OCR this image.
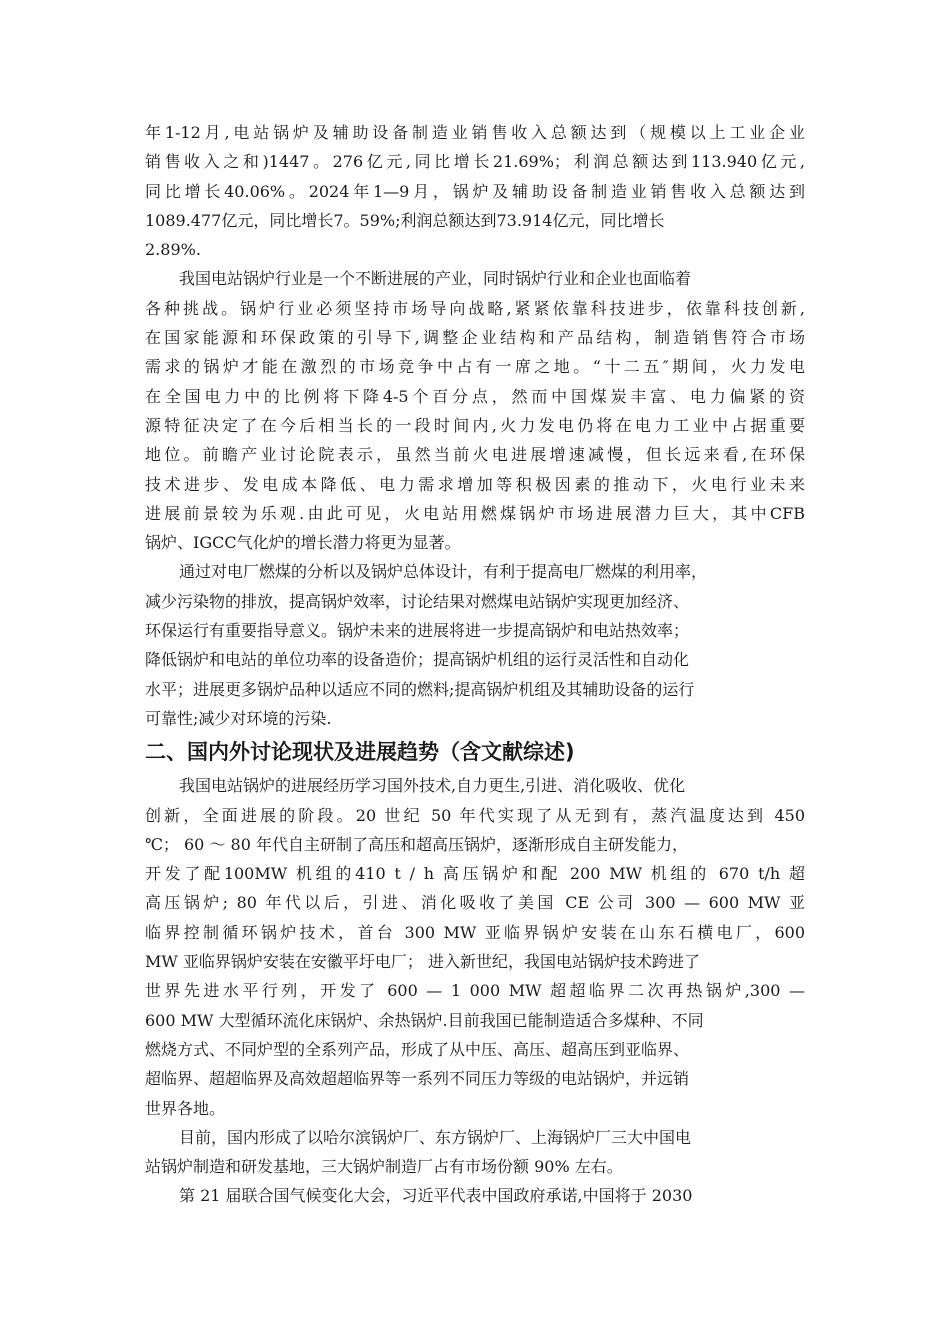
年1-12月,电站锅炉及辅助设备制造业销售收入总额达到（规模以上工业企业
销售收入之和)1447。276亿元,同比增长21.69%；利润总额达到113.940亿元,
同比增长40.06%。2024年1—9月，锅炉及辅助设备制造业销售收入总额达到
1089.477亿元，同比增长7。59%;利润总额达到73.914亿元，同比增长
2.89%.
我国电站锅炉行业是一个不断进展的产业，同时锅炉行业和企业也面临着
各种挑战。锅炉行业必须坚持市场导向战略,紧紧依靠科技进步，依靠科技创新,
在国家能源和环保政策的引导下,调整企业结构和产品结构，制造销售符合市场
需求的锅炉才能在激烈的市场竞争中占有一席之地。“十二五″期间，火力发电
在全国电力中的比例将下降4-5个百分点，然而中国煤炭丰富、电力偏紧的资
源特征决定了在今后相当长的一段时间内,火力发电仍将在电力工业中占据重要
地位。前瞻产业讨论院表示，虽然当前火电进展增速减慢，但长远来看,在环保
技术进步、发电成本降低、电力需求增加等积极因素的推动下，火电行业未来
进展前景较为乐观.由此可见，火电站用燃煤锅炉市场进展潜力巨大，其中CFB
锅炉、IGCC气化炉的增长潜力将更为显著。
通过对电厂燃煤的分析以及锅炉总体设计，有利于提高电厂燃煤的利用率，
减少污染物的排放，提高锅炉效率，讨论结果对燃煤电站锅炉实现更加经济、
环保运行有重要指导意义。锅炉未来的进展将进一步提高锅炉和电站热效率；
降低锅炉和电站的单位功率的设备造价；提高锅炉机组的运行灵活性和自动化
水平；进展更多锅炉品种以适应不同的燃料;提高锅炉机组及其辅助设备的运行
可靠性;减少对环境的污染.
二、国内外讨论现状及进展趋势（含文献综述)
我国电站锅炉的进展经历学习国外技术,自力更生,引进、消化吸收、优化
创新，全面进展的阶段。20 世纪 50 年代实现了从无到有，蒸汽温度达到 450
℃； 60 ～ 80 年代自主研制了高压和超高压锅炉，逐渐形成自主研发能力，
开发了配100MW 机组的410 t / h 高压锅炉和配 200 MW 机组的 670 t/h 超
高压锅炉; 80 年代以后，引进、消化吸收了美国 CE 公司 300 — 600 MW 亚
临界控制循环锅炉技术，首台 300 MW 亚临界锅炉安装在山东石横电厂，600
MW 亚临界锅炉安装在安徽平圩电厂； 进入新世纪，我国电站锅炉技术跨进了
世界先进水平行列，开发了 600 — 1 000 MW 超超临界二次再热锅炉,300 —
600 MW 大型循环流化床锅炉、余热锅炉.目前我国已能制造适合多煤种、不同
燃烧方式、不同炉型的全系列产品，形成了从中压、高压、超高压到亚临界、
超临界、超超临界及高效超超临界等一系列不同压力等级的电站锅炉，并远销
世界各地。
目前，国内形成了以哈尔滨锅炉厂、东方锅炉厂、上海锅炉厂三大中国电
站锅炉制造和研发基地，三大锅炉制造厂占有市场份额 90% 左右。
第 21 届联合国气候变化大会，习近平代表中国政府承诺,中国将于 2030
